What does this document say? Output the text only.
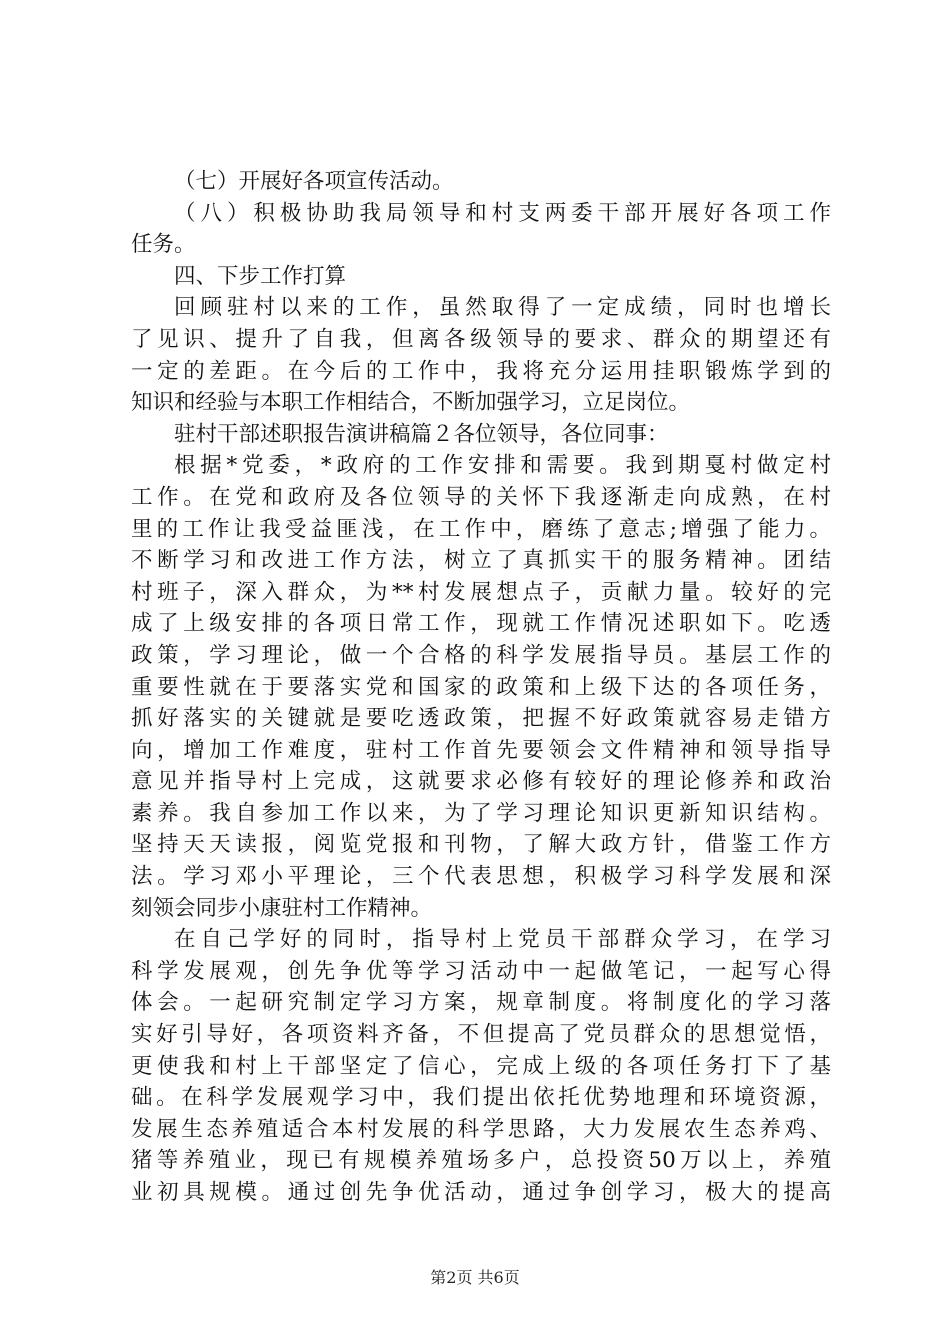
（七）开展好各项宣传活动。
（八）积极协助我局领导和村支两委干部开展好各项工作
任务。
四、下步工作打算
回顾驻村以来的工作，虽然取得了一定成绩，同时也增长
了见识、提升了自我，但离各级领导的要求、群众的期望还有
一定的差距。在今后的工作中，我将充分运用挂职锻炼学到的
知识和经验与本职工作相结合，不断加强学习，立足岗位。
驻村干部述职报告演讲稿篇２各位领导，各位同事：
根据*党委，*政府的工作安排和需要。我到期戛村做定村
工作。在党和政府及各位领导的关怀下我逐渐走向成熟，在村
里的工作让我受益匪浅，在工作中，磨练了意志;增强了能力。
不断学习和改进工作方法，树立了真抓实干的服务精神。团结
村班子，深入群众，为**村发展想点子，贡献力量。较好的完
成了上级安排的各项日常工作，现就工作情况述职如下。吃透
政策，学习理论，做一个合格的科学发展指导员。基层工作的
重要性就在于要落实党和国家的政策和上级下达的各项任务，
抓好落实的关键就是要吃透政策，把握不好政策就容易走错方
向，增加工作难度，驻村工作首先要领会文件精神和领导指导
意见并指导村上完成，这就要求必修有较好的理论修养和政治
素养。我自参加工作以来，为了学习理论知识更新知识结构。
坚持天天读报，阅览党报和刊物，了解大政方针，借鉴工作方
法。学习邓小平理论，三个代表思想，积极学习科学发展和深
刻领会同步小康驻村工作精神。
在自己学好的同时，指导村上党员干部群众学习，在学习
科学发展观，创先争优等学习活动中一起做笔记，一起写心得
体会。一起研究制定学习方案，规章制度。将制度化的学习落
实好引导好，各项资料齐备，不但提高了党员群众的思想觉悟，
更使我和村上干部坚定了信心，完成上级的各项任务打下了基
础。在科学发展观学习中，我们提出依托优势地理和环境资源，
发展生态养殖适合本村发展的科学思路，大力发展农生态养鸡、
猪等养殖业，现已有规模养殖场多户，总投资50万以上，养殖
业初具规模。通过创先争优活动，通过争创学习，极大的提高
第2页 共6页
